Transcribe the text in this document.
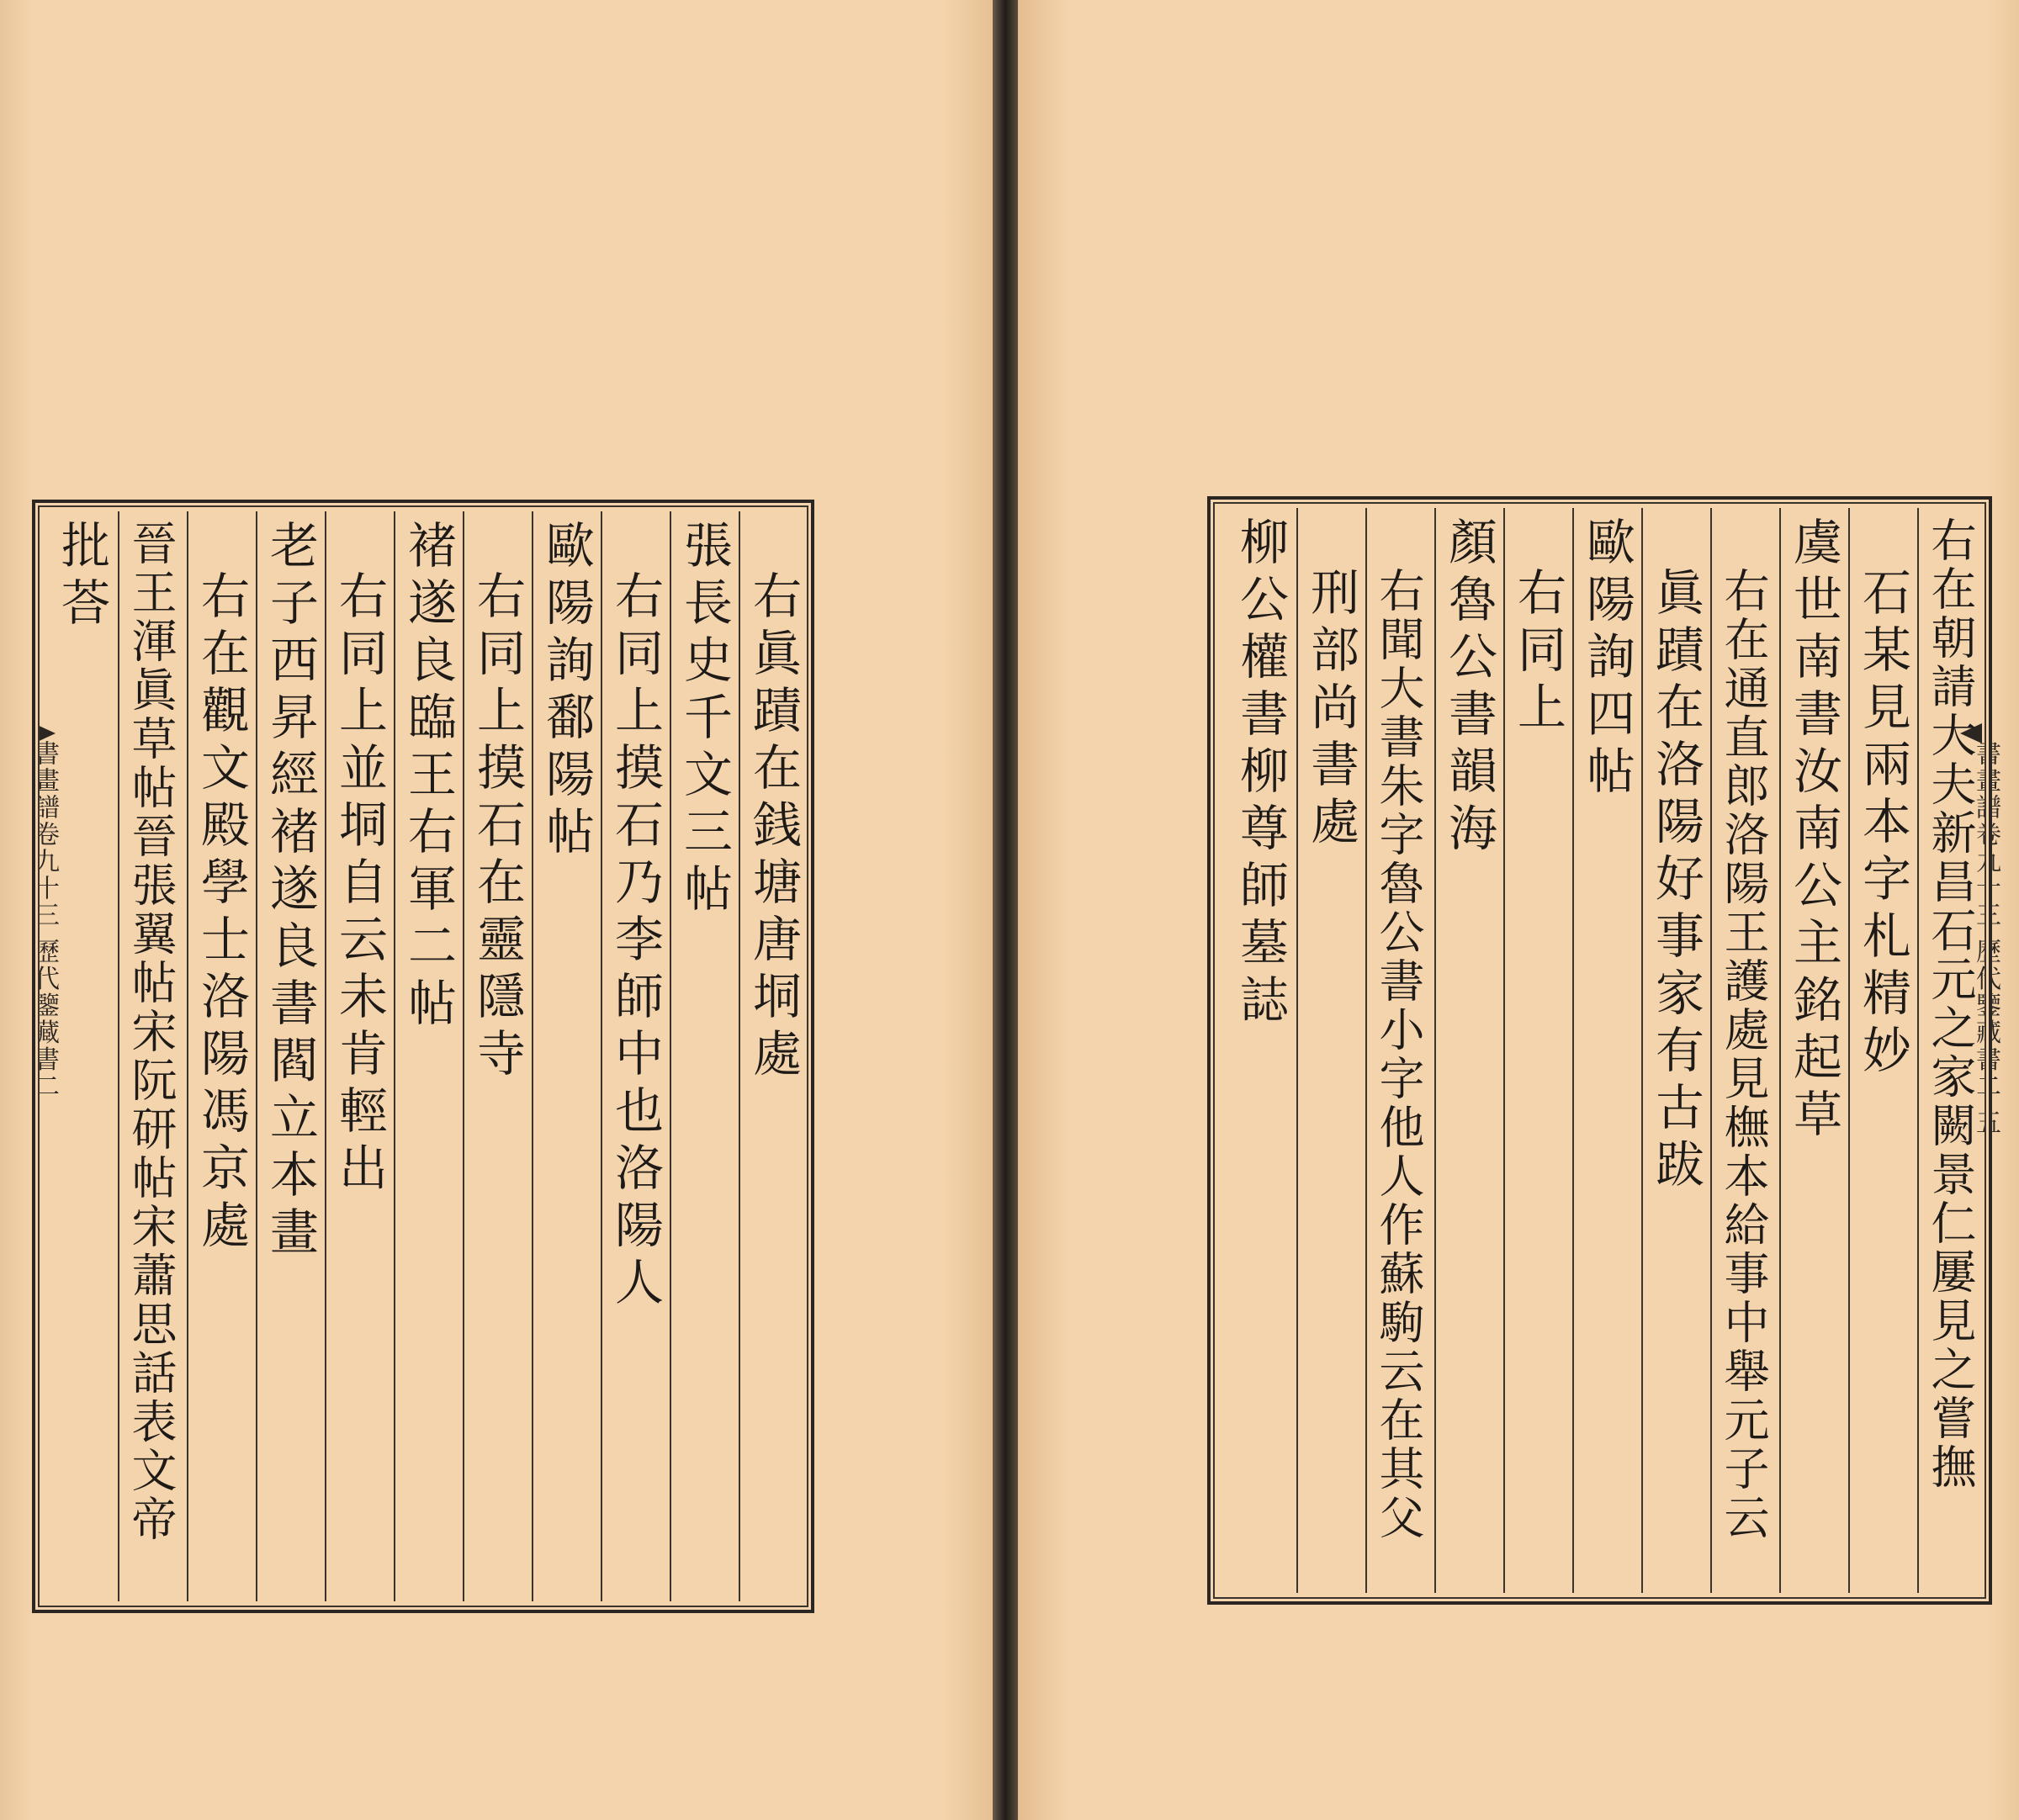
書畫譜卷九十三 歷代鑒藏書二	右眞蹟在銭塘唐垌處
張長史千文三帖
右同上摸石乃李師中也洛陽人
歐陽詢鄱陽帖
右同上摸石在靈隱寺
褚遂良臨王右軍二帖
右同上並垌自云未肯輕出
老子西昇經褚遂良書閻立本畫
右在觀文殿學士洛陽馮京處
晉王渾眞草帖晉張翼帖宋阮研帖宋蕭思話表文帝
批荅
書畫譜卷九十三 歷代鑒藏書二 五
右在朝請大夫新昌石元之家闕景仁屢見之嘗撫
石某見兩本字札精妙
虞世南書汝南公主銘起草
右在通直郎洛陽王護處見橅本給事中舉元子云
眞蹟在洛陽好事家有古跋
歐陽詢四帖
右同上
顏魯公書韻海
右聞大書朱字魯公書小字他人作蘇駒云在其父
刑部尚書處
柳公權書柳尊師墓誌
